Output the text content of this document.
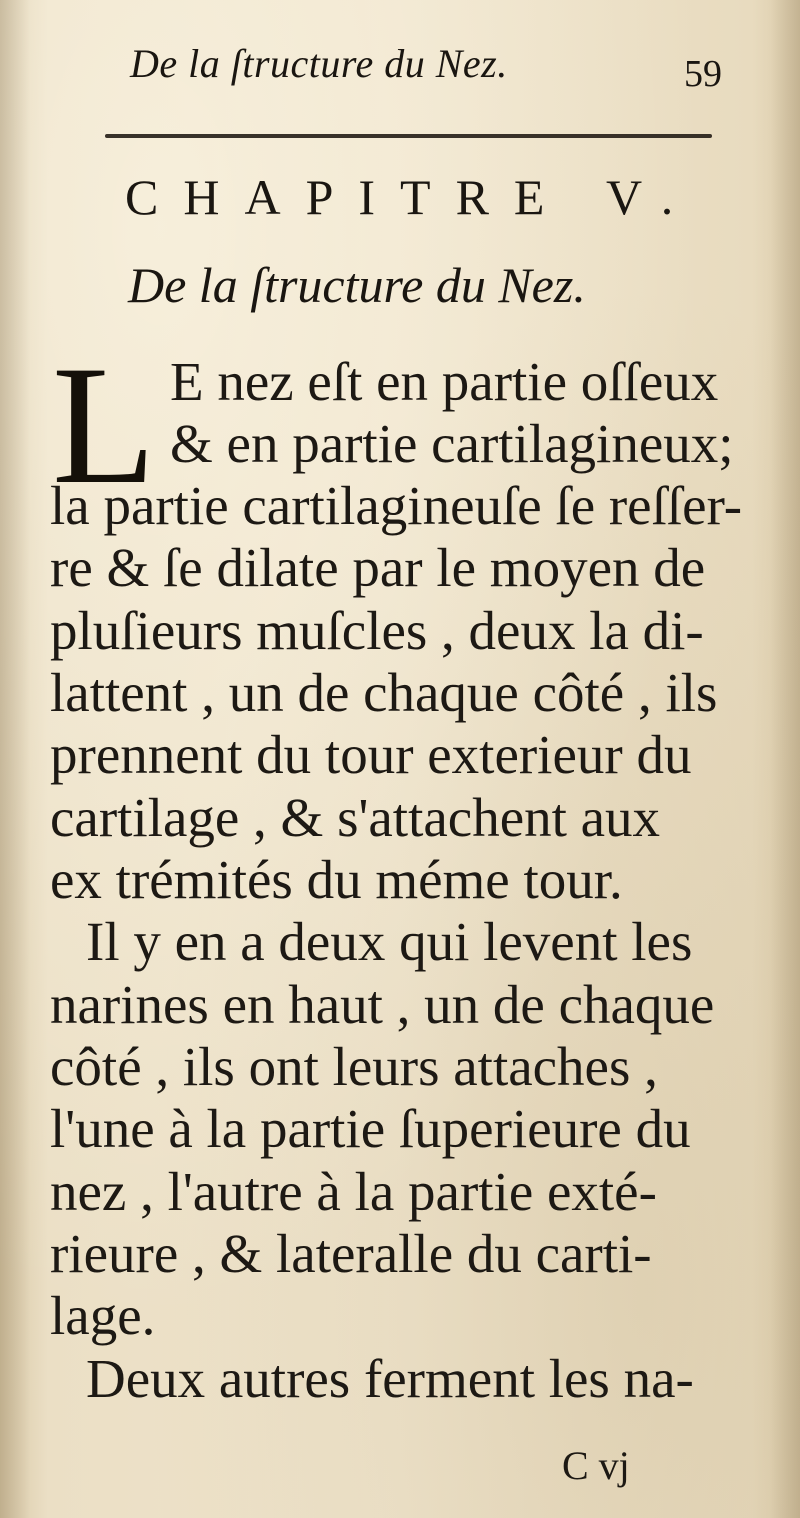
De la ſtructure du Nez.	59
CHAPITRE V.
De la ſtructure du Nez.
L E nez eſt en partie oſſeux
& en partie cartilagineux;
la partie cartilagineuſe ſe reſſer-
re & ſe dilate par le moyen de
pluſieurs muſcles , deux la di-
lattent , un de chaque côté , ils
prennent du tour exterieur du
cartilage , & s'attachent aux
ex trémités du méme tour.
Il y en a deux qui levent les
narines en haut , un de chaque
côté , ils ont leurs attaches ,
l'une à la partie ſuperieure du
nez , l'autre à la partie exté-
rieure , & lateralle du carti-
lage.
Deux autres ferment les na-
C vj
